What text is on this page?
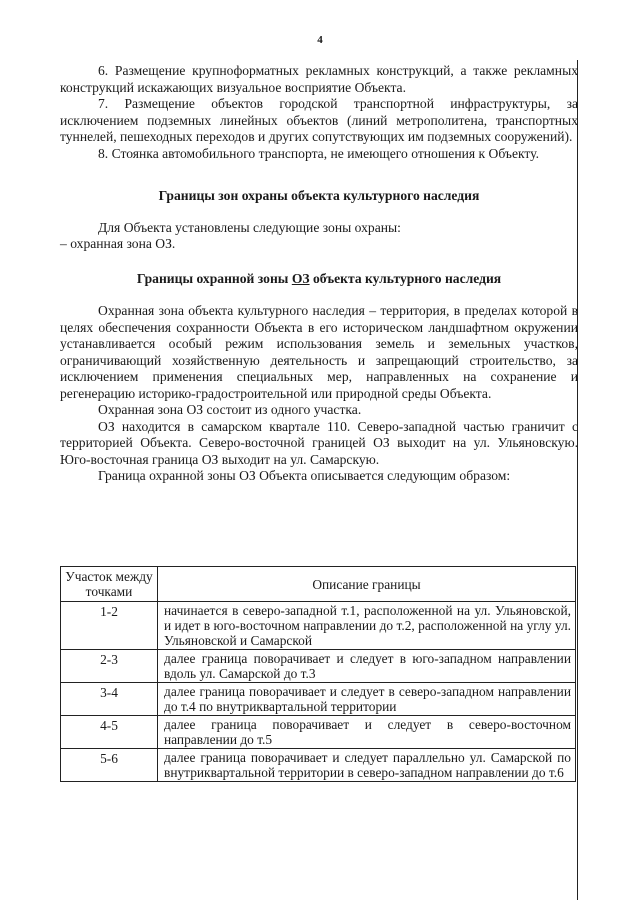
4

6. Размещение крупноформатных рекламных конструкций, а также рекламных конструкций искажающих визуальное восприятие Объекта.

7. Размещение объектов городской транспортной инфраструктуры, за исключением подземных линейных объектов (линий метрополитена, транспортных туннелей, пешеходных переходов и других сопутствующих им подземных сооружений).

8. Стоянка автомобильного транспорта, не имеющего отношения к Объекту.

Границы зон охраны объекта культурного наследия

Для Объекта установлены следующие зоны охраны:

– охранная зона ОЗ.

Границы охранной зоны ОЗ объекта культурного наследия

Охранная зона объекта культурного наследия – территория, в пределах которой в целях обеспечения сохранности Объекта в его историческом ландшафтном окружении устанавливается особый режим использования земель и земельных участков, ограничивающий хозяйственную деятельность и запрещающий строительство, за исключением применения специальных мер, направленных на сохранение и регенерацию историко-градостроительной или природной среды Объекта.

Охранная зона ОЗ состоит из одного участка.

ОЗ находится в самарском квартале 110. Северо-западной частью граничит с территорией Объекта. Северо-восточной границей ОЗ выходит на ул. Ульяновскую. Юго-восточная граница ОЗ выходит на ул. Самарскую.

Граница охранной зоны ОЗ Объекта описывается следующим образом:

Участок между точками	Описание границы
1-2	начинается в северо-западной т.1, расположенной на ул. Ульяновской, и идет в юго-восточном направлении до т.2, расположенной на углу ул. Ульяновской и Самарской
2-3	далее граница поворачивает и следует в юго-западном направлении вдоль ул. Самарской до т.3
3-4	далее граница поворачивает и следует в северо-западном направлении до т.4 по внутриквартальной территории
4-5	далее граница поворачивает и следует в северо-восточном направлении до т.5
5-6	далее граница поворачивает и следует параллельно ул. Самарской по внутриквартальной территории в северо-западном направлении до т.6
